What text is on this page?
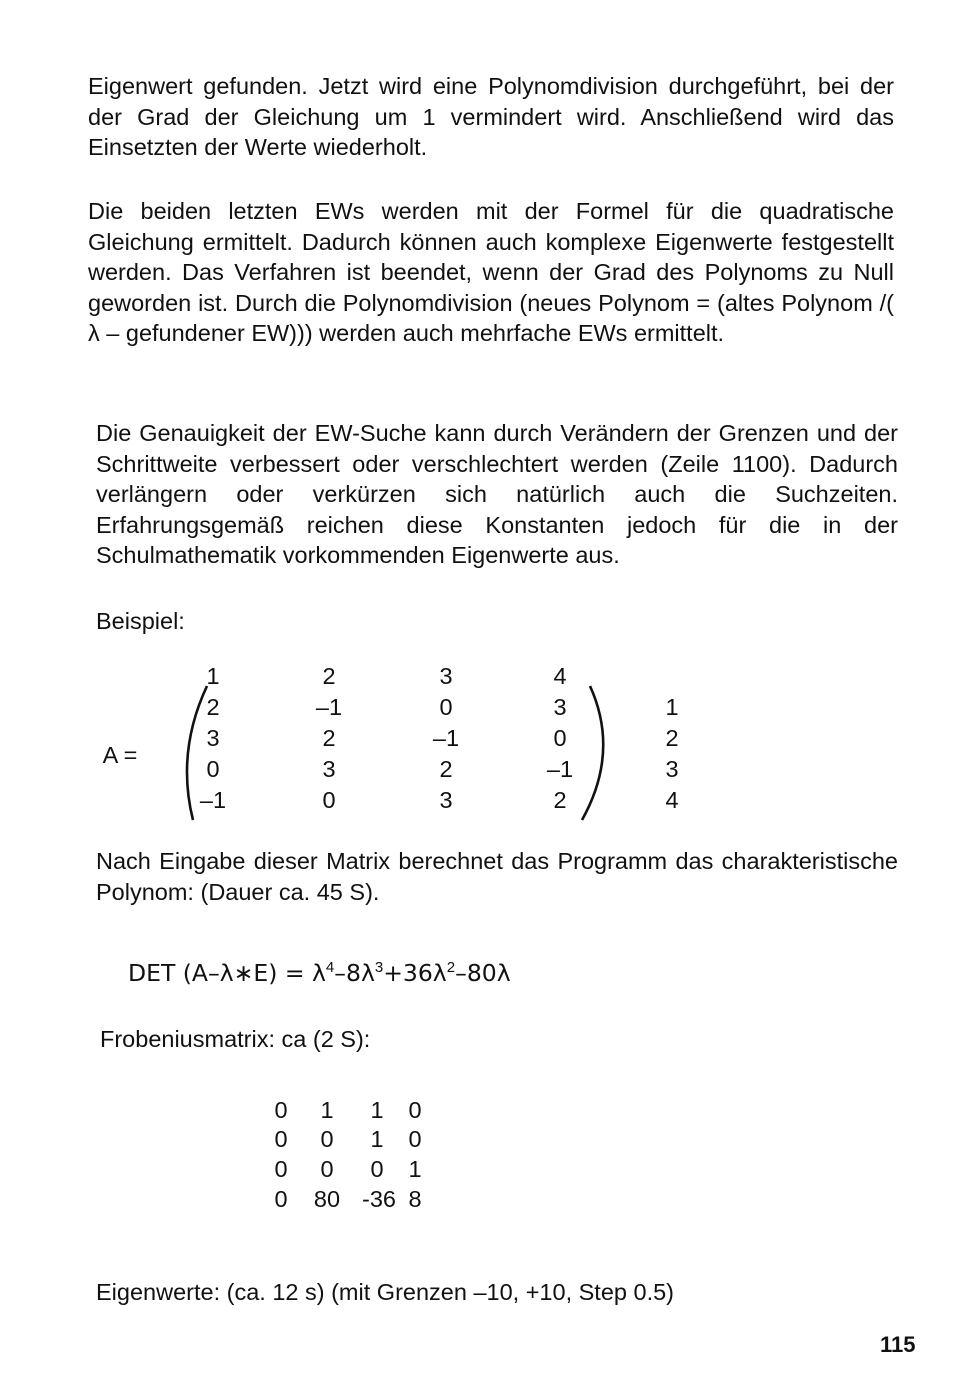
Eigenwert gefunden. Jetzt wird eine Polynomdivision durchgeführt, bei der der Grad der Gleichung um 1 vermindert wird. Anschließend wird das Einsetzten der Werte wiederholt.

Die beiden letzten EWs werden mit der Formel für die quadratische Gleichung ermittelt. Dadurch können auch komplexe Eigenwerte festgestellt werden. Das Verfahren ist beendet, wenn der Grad des Polynoms zu Null geworden ist. Durch die Polynomdivision (neues Polynom = (altes Polynom /( λ – gefundener EW))) werden auch mehrfache EWs ermittelt.

Die Genauigkeit der EW-Suche kann durch Verändern der Grenzen und der Schrittweite verbessert oder verschlechtert werden (Zeile 1100). Dadurch verlängern oder verkürzen sich natürlich auch die Suchzeiten. Erfahrungsgemäß reichen diese Konstanten jedoch für die in der Schulmathematik vorkommenden Eigenwerte aus.

Beispiel:

A =
1	2	3	4
2	–1	0	3	1
3	2	–1	0	2
0	3	2	–1	3
–1	0	3	2	4

Nach Eingabe dieser Matrix berechnet das Programm das charakteristische Polynom: (Dauer ca. 45 S).

DET (A–λ∗E) = $\lambda^4-8\lambda^3+36\lambda^2-80\lambda$

Frobeniusmatrix: ca (2 S):

0	1	1	0
0	0	1	0
0	0	0	1
0	80 -36 8

Eigenwerte: (ca. 12 s) (mit Grenzen –10, +10, Step 0.5)

115
